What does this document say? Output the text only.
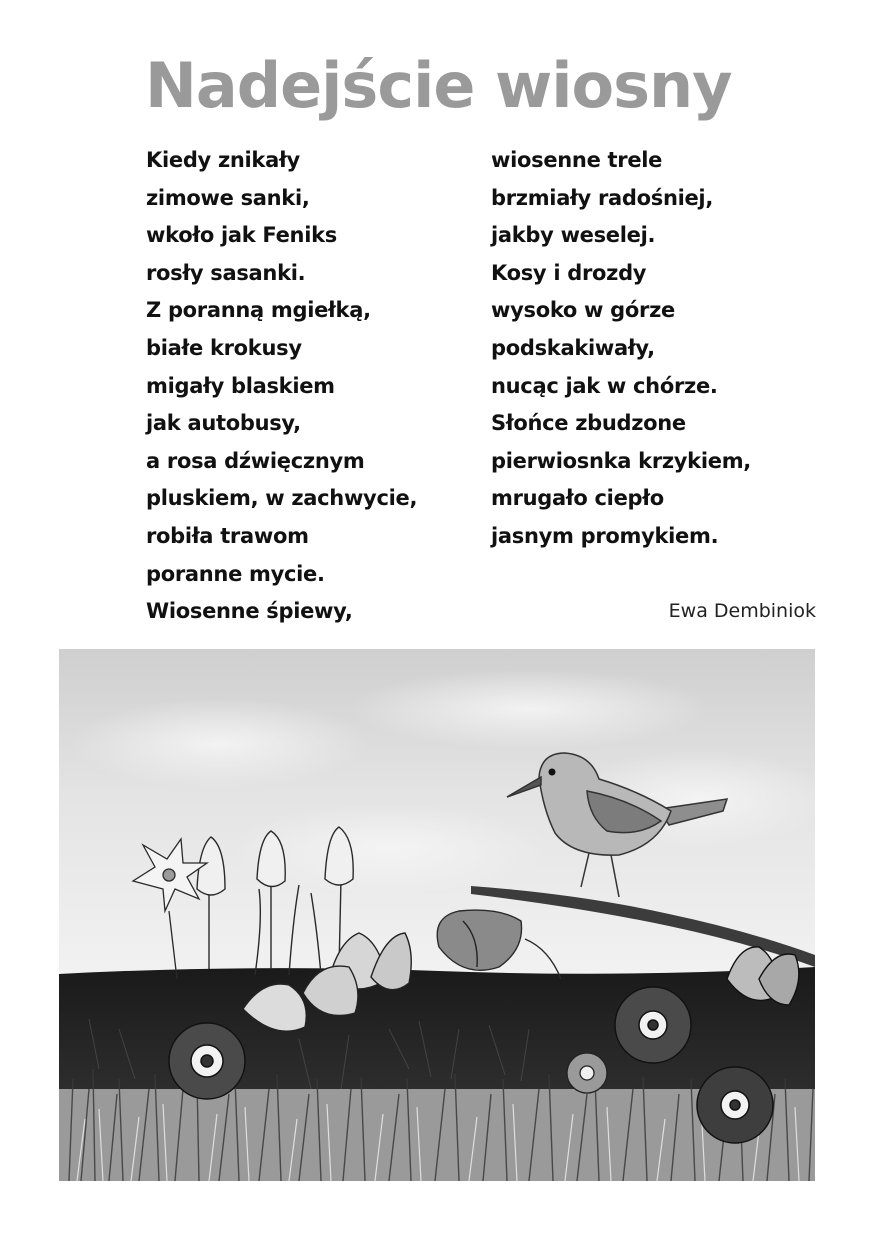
Nadejście wiosny
Kiedy znikały
zimowe sanki,
wkoło jak Feniks
rosły sasanki.
Z poranną mgiełką,
białe krokusy
migały blaskiem
jak autobusy,
a rosa dźwięcznym
pluskiem, w zachwycie,
robiła trawom
poranne mycie.
Wiosenne śpiewy,
wiosenne trele
brzmiały radośniej,
jakby weselej.
Kosy i drozdy
wysoko w górze
podskakiwały,
nucąc jak w chórze.
Słońce zbudzone
pierwiosnka krzykiem,
mrugało ciepło
jasnym promykiem.
Ewa Dembiniok
